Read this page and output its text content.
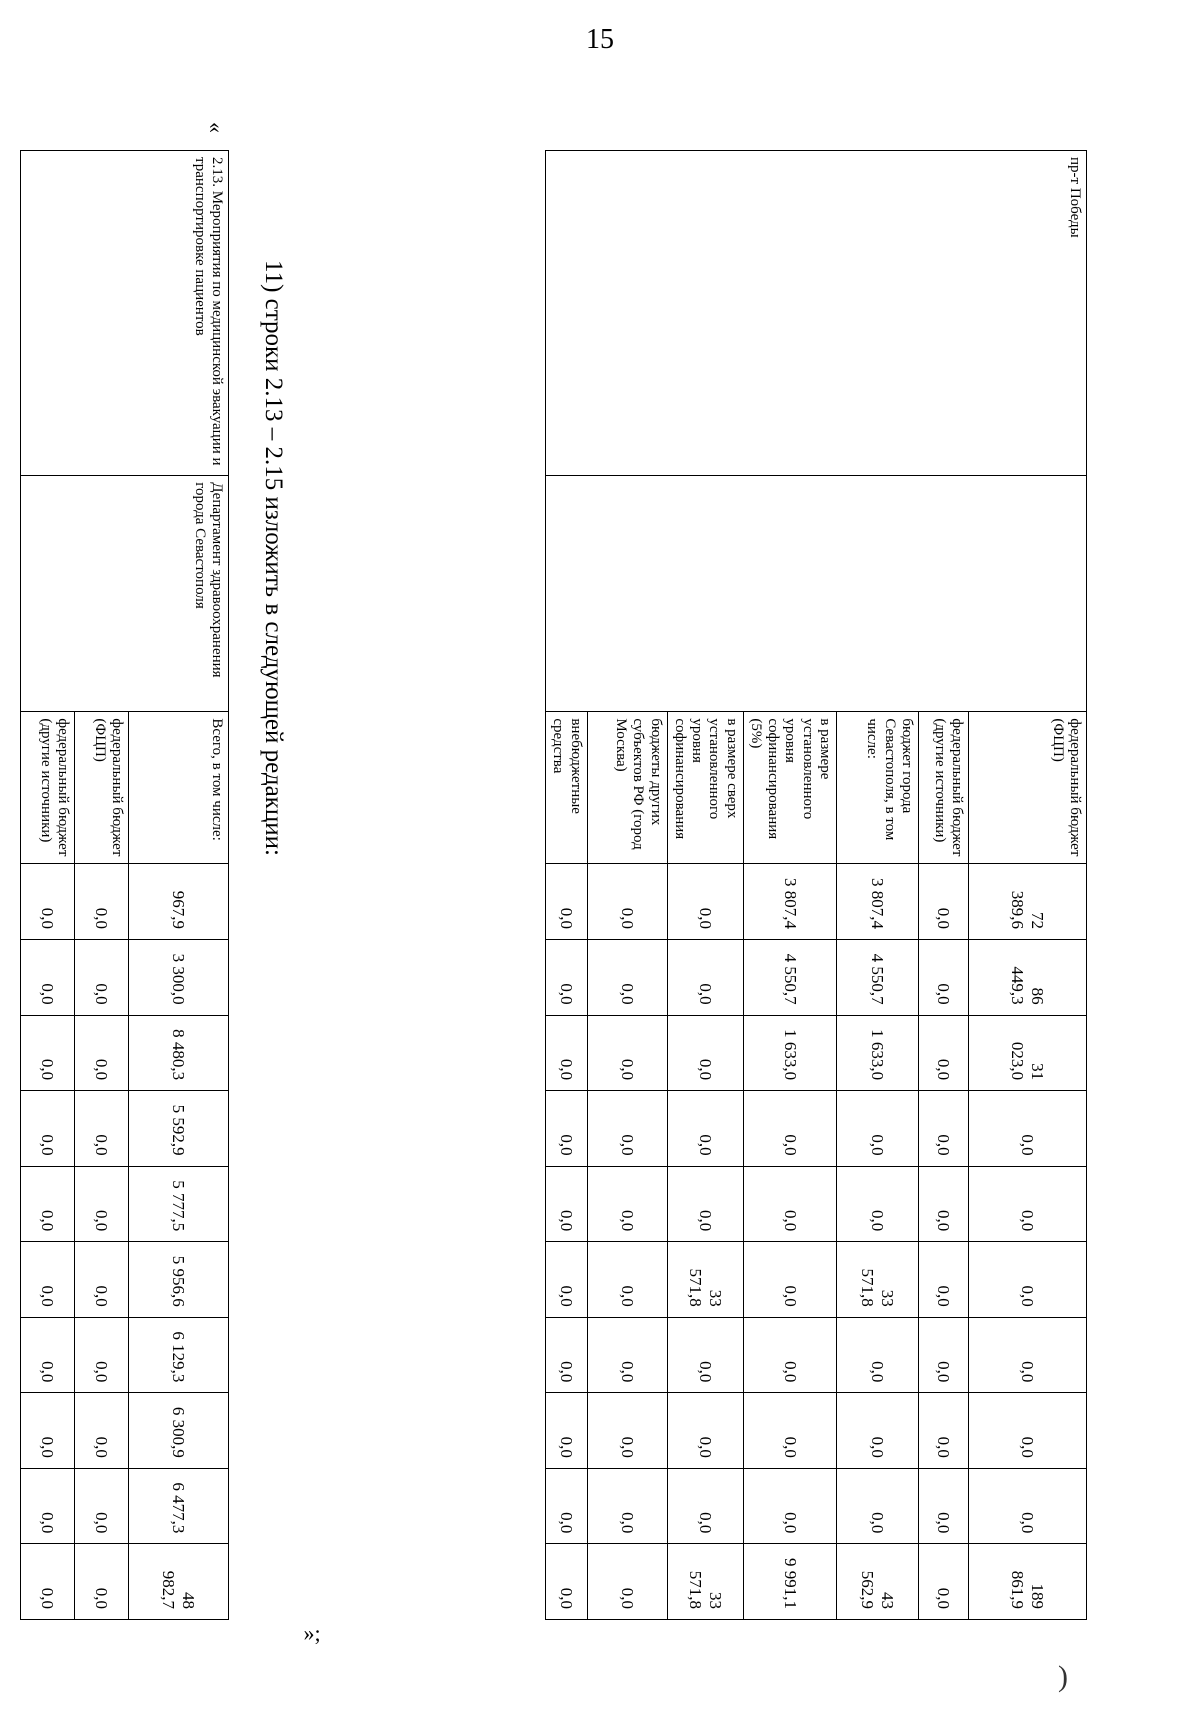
15
пр-т Победы		федеральный бюджет (ФЦП)	72 389,6	86 449,3	31 023,0	0,0	0,0	0,0	0,0	0,0	0,0	189 861,9
		федеральный бюджет (другие источники)	0,0	0,0	0,0	0,0	0,0	0,0	0,0	0,0	0,0	0,0
		бюджет города Севастополя, в том числе:	3 807,4	4 550,7	1 633,0	0,0	0,0	33 571,8	0,0	0,0	0,0	43 562,9
		в размере установленного уровня софинансирования (5%)	3 807,4	4 550,7	1 633,0	0,0	0,0	0,0	0,0	0,0	0,0	9 991,1
		в размере сверх установленного уровня софинансирования	0,0	0,0	0,0	0,0	0,0	33 571,8	0,0	0,0	0,0	33 571,8
		бюджеты других субъектов РФ (город Москва)	0,0	0,0	0,0	0,0	0,0	0,0	0,0	0,0	0,0	0,0
		внебюджетные средства	0,0	0,0	0,0	0,0	0,0	0,0	0,0	0,0	0,0	0,0
»;
11) строки 2.13 – 2.15 изложить в следующей редакции:
«
2.13. Мероприятия по медицинской эвакуации и транспортировке пациентов	Департамент здравоохранения города Севастополя	Всего, в том числе:	967,9	3 300,0	8 480,3	5 592,9	5 777,5	5 956,6	6 129,3	6 300,9	6 477,3	48 982,7
		федеральный бюджет (ФЦП)	0,0	0,0	0,0	0,0	0,0	0,0	0,0	0,0	0,0	0,0
		федеральный бюджет (другие источники)	0,0	0,0	0,0	0,0	0,0	0,0	0,0	0,0	0,0	0,0
)
